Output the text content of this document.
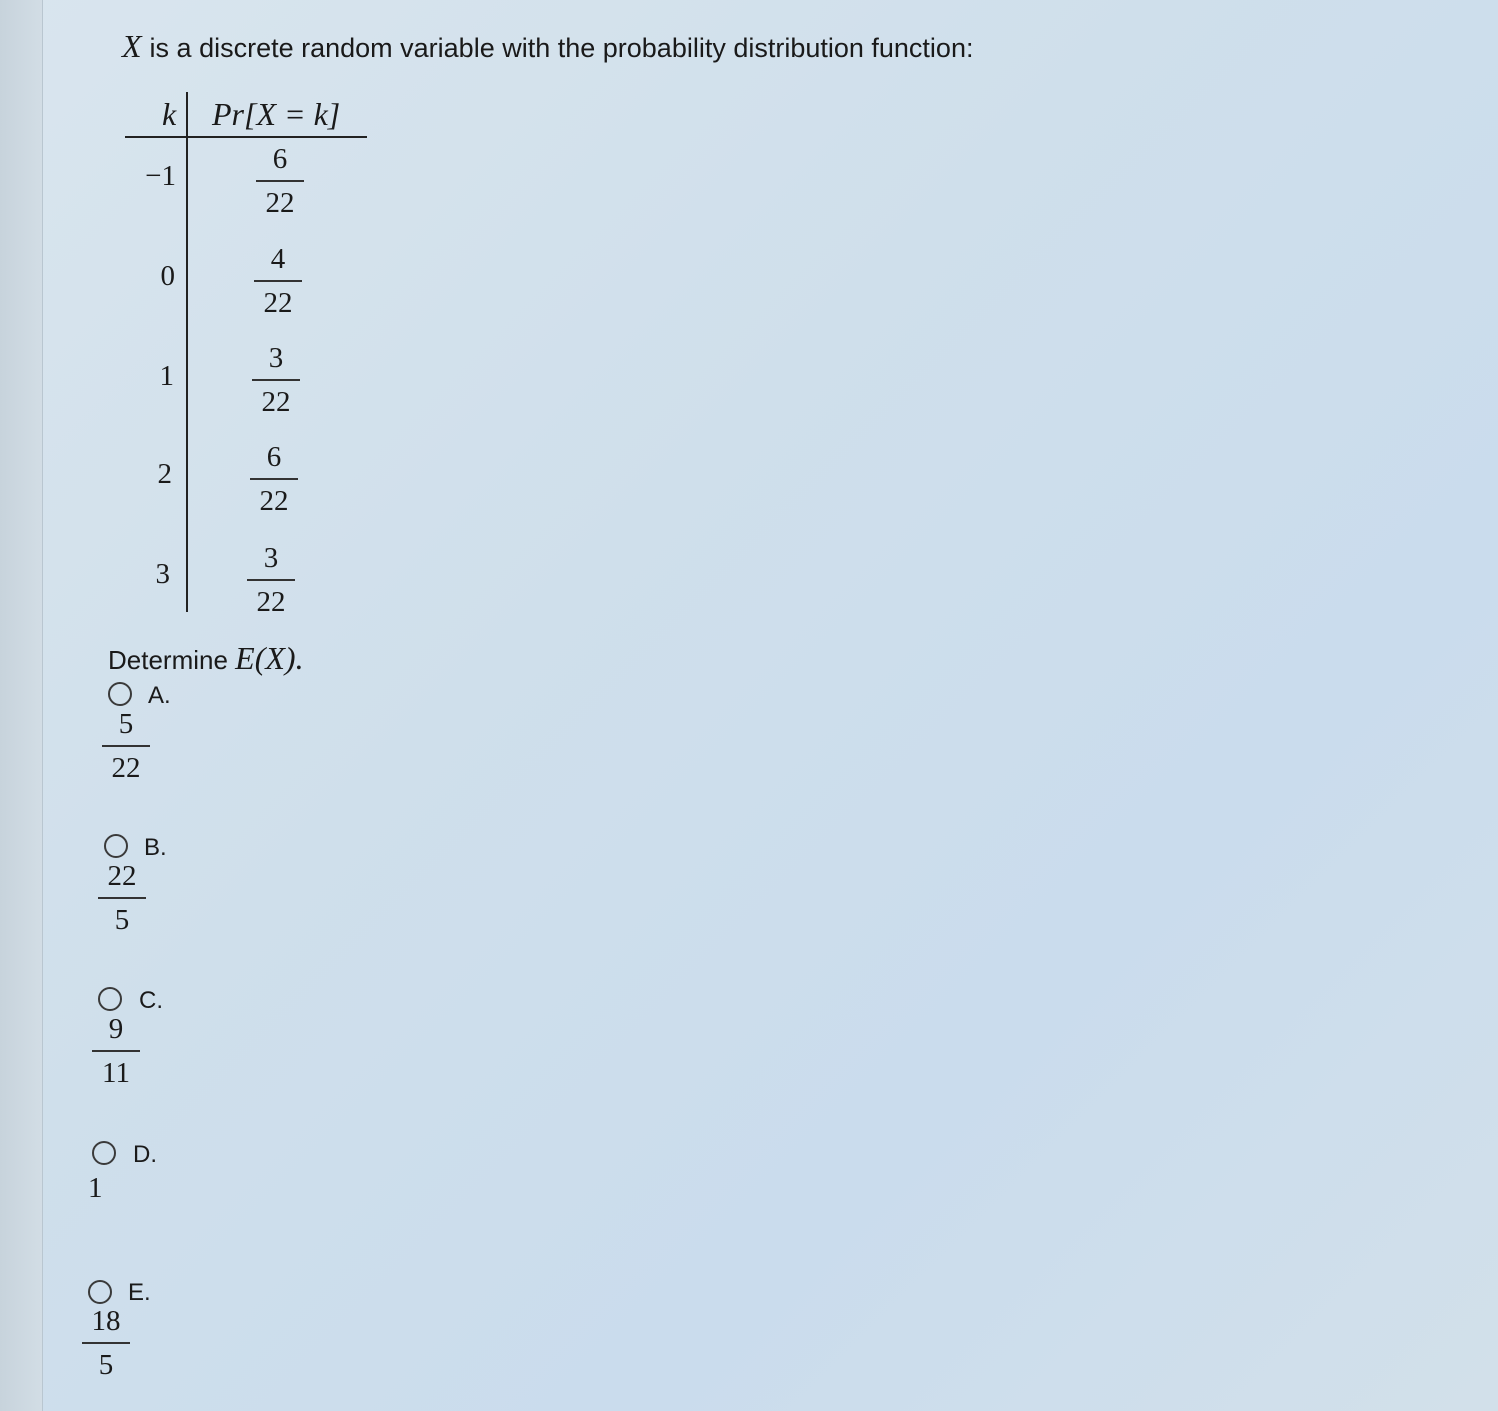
X is a discrete random variable with the probability distribution function:
k Pr[X = k]
−1
6
22
0
4
22
1
3
22
2
6
22
3	3
22
Determine E(X).
A.
5
22
B.
22
5
C.
9
11
D.
1
E.
18
5
